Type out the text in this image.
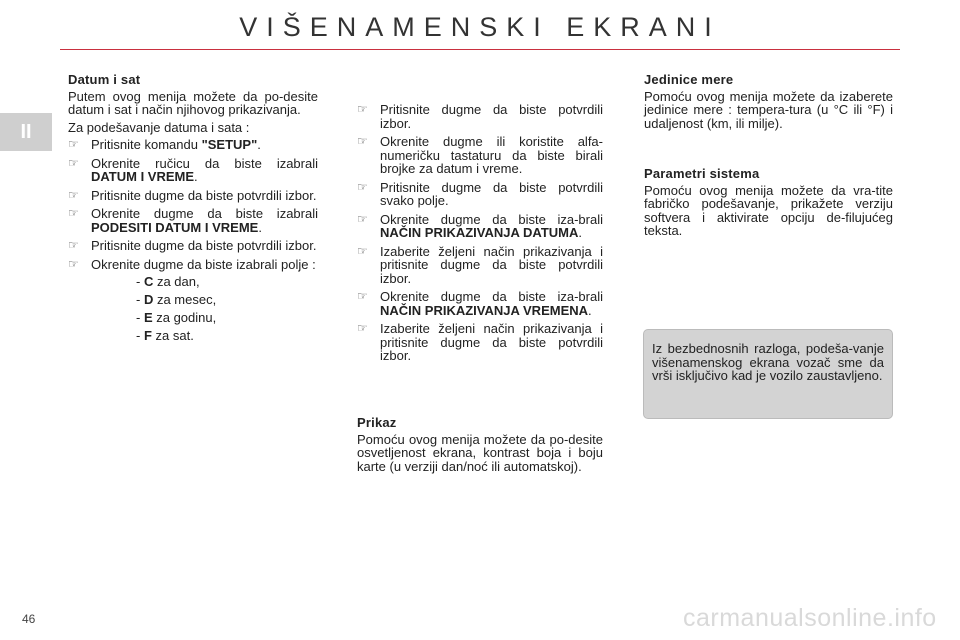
VIŠENAMENSKI EKRANI
II
Datum i sat

Putem ovog menija možete da po-desite datum i sat i način njihovog prikazivanja.

Za podešavanje datuma i sata :

☞ Pritisnite komandu "SETUP".
☞ Okrenite ručicu da biste izabrali DATUM I VREME.
☞ Pritisnite dugme da biste potvrdili izbor.
☞ Okrenite dugme da biste izabrali PODESITI DATUM I VREME.
☞ Pritisnite dugme da biste potvrdili izbor.
☞ Okrenite dugme da biste izabrali polje :
- C za dan,
- D za mesec,
- E za godinu,
- F za sat.
☞ Pritisnite dugme da biste potvrdili izbor.
☞ Okrenite dugme ili koristite alfa-numeričku tastaturu da biste birali brojke za datum i vreme.
☞ Pritisnite dugme da biste potvrdili svako polje.
☞ Okrenite dugme da biste iza-brali NAČIN PRIKAZIVANJA DATUMA.
☞ Izaberite željeni način prikazivanja i pritisnite dugme da biste potvrdili izbor.
☞ Okrenite dugme da biste iza-brali NAČIN PRIKAZIVANJA VREMENA.
☞ Izaberite željeni način prikazivanja i pritisnite dugme da biste potvrdili izbor.
Prikaz

Pomoću ovog menija možete da po-desite osvetljenost ekrana, kontrast boja i boju karte (u verziji dan/noć ili automatskoj).

Jedinice mere

Pomoću ovog menija možete da izaberete jedinice mere : tempera-tura (u °C ili °F) i udaljenost (km, ili milje).

Parametri sistema

Pomoću ovog menija možete da vra-tite fabričko podešavanje, prikažete verziju softvera i aktivirate opciju de-filujućeg teksta.

Iz bezbednosnih razloga, podeša-vanje višenamenskog ekrana vozač sme da vrši isključivo kad je vozilo zaustavljeno.
46	carmanualsonline.info
